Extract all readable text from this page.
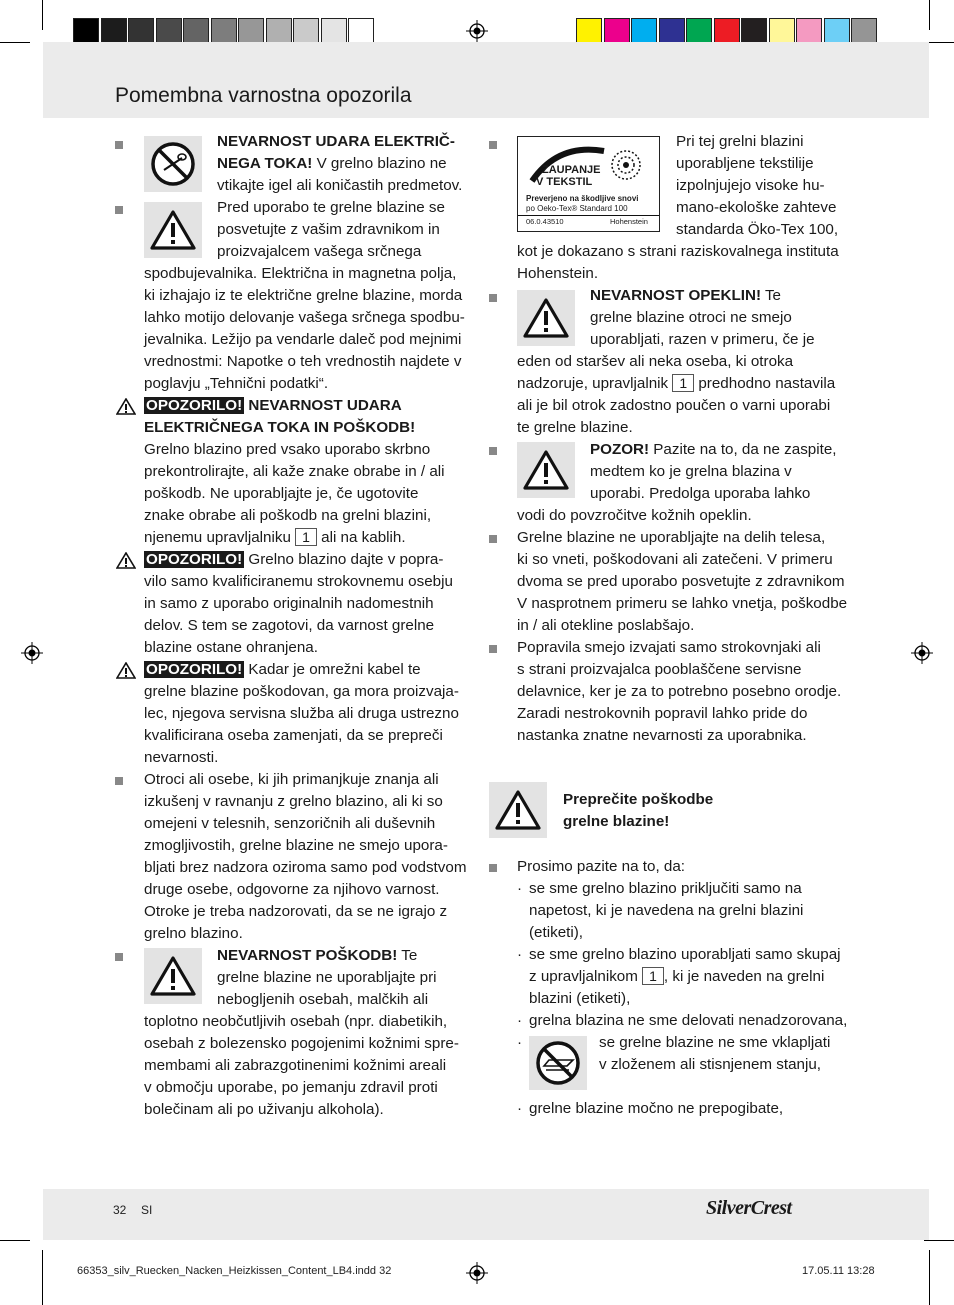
Pomembna varnostna opozorila
NEVARNOST UDARA ELEKTRIČ-
NEGA TOKA! V grelno blazino ne
vtikajte igel ali koničastih predmetov.
Pred uporabo te grelne blazine se
posvetujte z vašim zdravnikom in
proizvajalcem vašega srčnega
spodbujevalnika. Električna in magnetna polja,
ki izhajajo iz te električne grelne blazine, morda
lahko motijo delovanje vašega srčnega spodbu-
jevalnika. Ležijo pa vendarle daleč pod mejnimi
vrednostmi: Napotke o teh vrednostih najdete v
poglavju „Tehnični podatki“.
OPOZORILO! NEVARNOST UDARA
ELEKTRIČNEGA TOKA IN POŠKODB!
Grelno blazino pred vsako uporabo skrbno
prekontrolirajte, ali kaže znake obrabe in / ali
poškodb. Ne uporabljajte je, če ugotovite
znake obrabe ali poškodb na grelni blazini,
njenemu upravljalniku 1 ali na kablih.
OPOZORILO! Grelno blazino dajte v popra-
vilo samo kvalificiranemu strokovnemu osebju
in samo z uporabo originalnih nadomestnih
delov. S tem se zagotovi, da varnost grelne
blazine ostane ohranjena.
OPOZORILO! Kadar je omrežni kabel te
grelne blazine poškodovan, ga mora proizvaja-
lec, njegova servisna služba ali druga ustrezno
kvalificirana oseba zamenjati, da se prepreči
nevarnosti.
Otroci ali osebe, ki jih primanjkuje znanja ali
izkušenj v ravnanju z grelno blazino, ali ki so
omejeni v telesnih, senzoričnih ali duševnih
zmogljivostih, grelne blazine ne smejo upora-
bljati brez nadzora oziroma samo pod vodstvom
druge osebe, odgovorne za njihovo varnost.
Otroke je treba nadzorovati, da se ne igrajo z
grelno blazino.
NEVARNOST POŠKODB! Te
grelne blazine ne uporabljajte pri
nebogljenih osebah, malčkih ali
toplotno neobčutljivih osebah (npr. diabetikih,
osebah z bolezensko pogojenimi kožnimi spre-
membami ali zabrazgotinenimi kožnimi areali
v območju uporabe, po jemanju zdravil proti
bolečinam ali po uživanju alkohola).
ZAUPANJE
V TEKSTIL
Preverjeno na škodljive snovi
po Oeko-Tex® Standard 100
06.0.43510	Hohenstein
Pri tej grelni blazini
uporabljene tekstilije
izpolnjujejo visoke hu-
mano-ekološke zahteve
standarda Öko-Tex 100,
kot je dokazano s strani raziskovalnega instituta
Hohenstein.
NEVARNOST OPEKLIN! Te
grelne blazine otroci ne smejo
uporabljati, razen v primeru, če je
eden od staršev ali neka oseba, ki otroka
nadzoruje, upravljalnik 1 predhodno nastavila
ali je bil otrok zadostno poučen o varni uporabi
te grelne blazine.
POZOR! Pazite na to, da ne zaspite,
medtem ko je grelna blazina v
uporabi. Predolga uporaba lahko
vodi do povzročitve kožnih opeklin.
Grelne blazine ne uporabljajte na delih telesa,
ki so vneti, poškodovani ali zatečeni. V primeru
dvoma se pred uporabo posvetujte z zdravnikom
V nasprotnem primeru se lahko vnetja, poškodbe
in / ali otekline poslabšajo.
Popravila smejo izvajati samo strokovnjaki ali
s strani proizvajalca pooblaščene servisne
delavnice, ker je za to potrebno posebno orodje.
Zaradi nestrokovnih popravil lahko pride do
nastanka znatne nevarnosti za uporabnika.
Preprečite poškodbe
grelne blazine!
Prosimo pazite na to, da:
· se sme grelno blazino priključiti samo na
napetost, ki je navedena na grelni blazini
(etiketi),
· se sme grelno blazino uporabljati samo skupaj
z upravljalnikom 1 , ki je naveden na grelni
blazini (etiketi),
· grelna blazina ne sme delovati nenadzorovana,
·	se grelne blazine ne sme vklapljati
v zloženem ali stisnjenem stanju,
· grelne blazine močno ne prepogibate,
32 SI	SilverCrest
66353_silv_Ruecken_Nacken_Heizkissen_Content_LB4.indd 32	17.05.11 13:28
